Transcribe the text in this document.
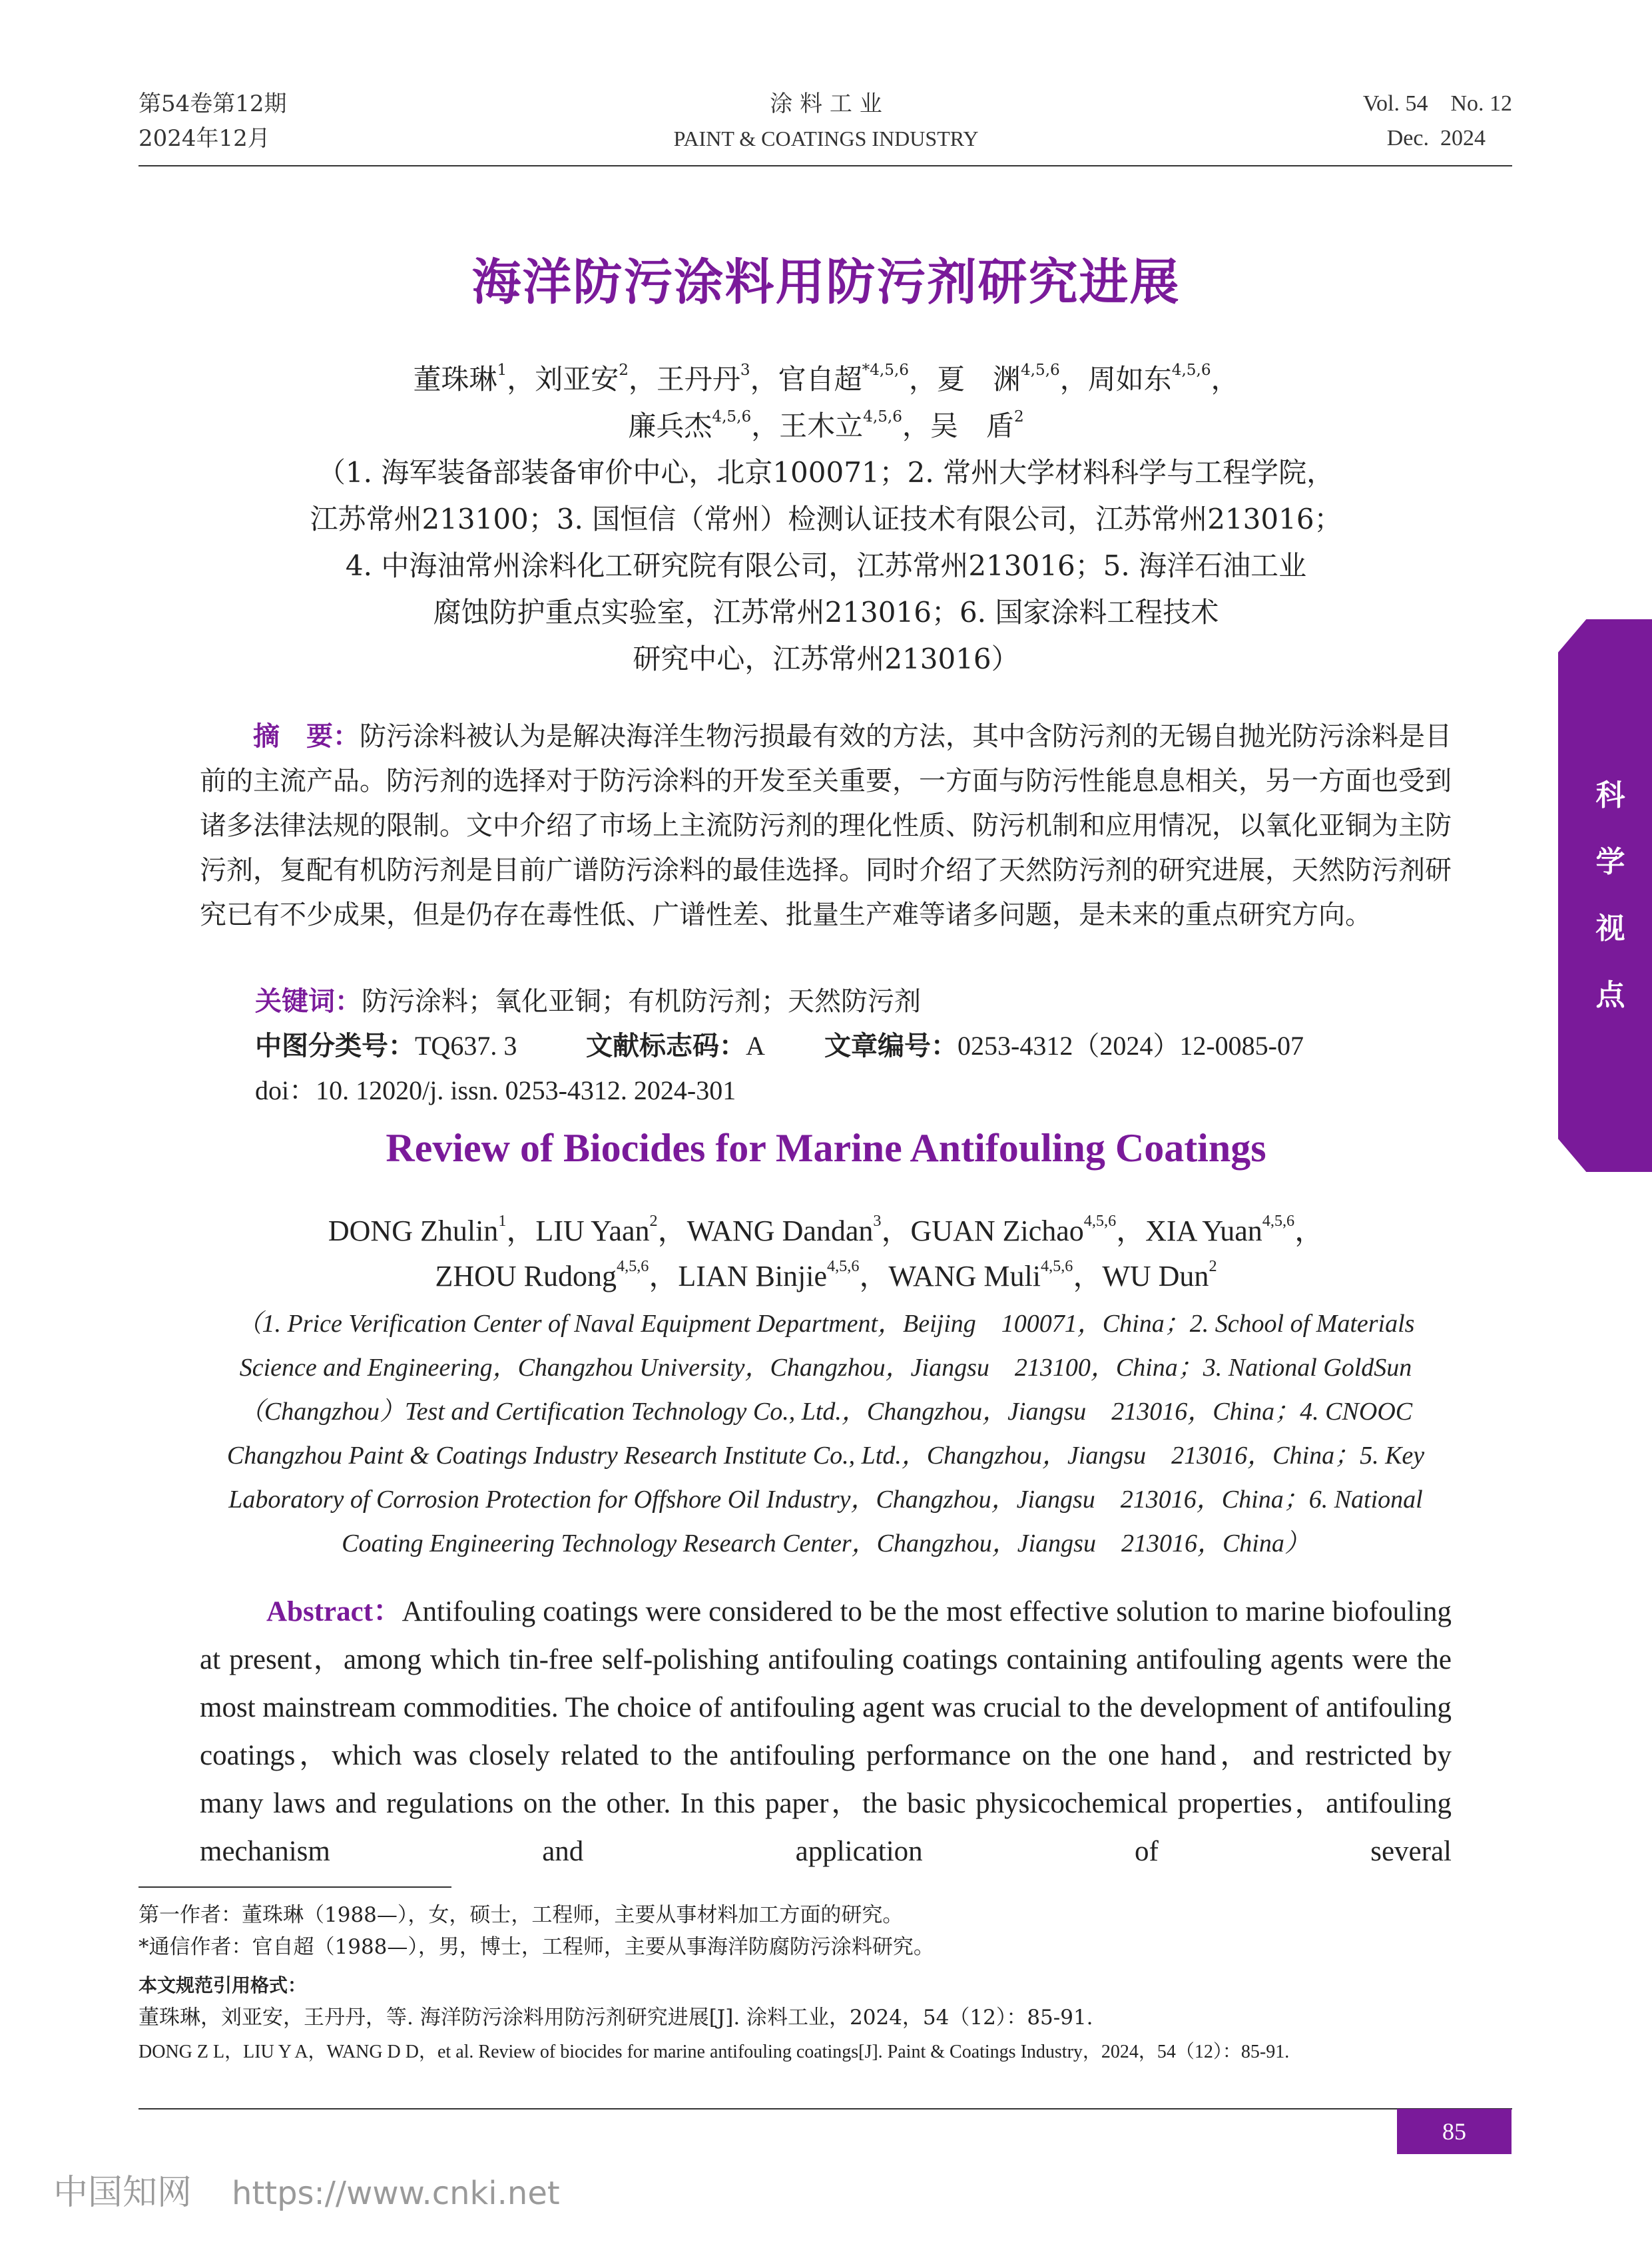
第54卷第12期
2024年12月
涂 料 工 业
PAINT & COATINGS INDUSTRY
Vol. 54    No. 12
Dec.  2024
海洋防污涂料用防污剂研究进展
董珠琳$^1$，刘亚安$^2$，王丹丹$^3$，官自超$^{*4,5,6}$，夏　渊$^{4,5,6}$，周如东$^{4,5,6}$，
廉兵杰$^{4,5,6}$，王木立$^{4,5,6}$，吴　盾$^2$
（1. 海军装备部装备审价中心，北京100071；2. 常州大学材料科学与工程学院，
江苏常州213100；3. 国恒信（常州）检测认证技术有限公司，江苏常州213016；
4. 中海油常州涂料化工研究院有限公司，江苏常州213016；5. 海洋石油工业
腐蚀防护重点实验室，江苏常州213016；6. 国家涂料工程技术
研究中心，江苏常州213016）
科
学
视
点
摘　要：防污涂料被认为是解决海洋生物污损最有效的方法，其中含防污剂的无锡自抛光防污涂料是目前的主流产品。防污剂的选择对于防污涂料的开发至关重要，一方面与防污性能息息相关，另一方面也受到诸多法律法规的限制。文中介绍了市场上主流防污剂的理化性质、防污机制和应用情况，以氧化亚铜为主防污剂，复配有机防污剂是目前广谱防污涂料的最佳选择。同时介绍了天然防污剂的研究进展，天然防污剂研究已有不少成果，但是仍存在毒性低、广谱性差、批量生产难等诸多问题，是未来的重点研究方向。
关键词：防污涂料；氧化亚铜；有机防污剂；天然防污剂
中图分类号：TQ637. 3	文献标志码：A 文章编号：0253-4312（2024）12-0085-07
doi：10. 12020/j. issn. 0253-4312. 2024-301
Review of Biocides for Marine Antifouling Coatings
DONG Zhulin$^1$，LIU Yaan$^2$，WANG Dandan$^3$，GUAN Zichao$^{4,5,6}$，XIA Yuan$^{4,5,6}$，
ZHOU Rudong$^{4,5,6}$，LIAN Binjie$^{4,5,6}$，WANG Muli$^{4,5,6}$，WU Dun$^2$
（1. Price Verification Center of Naval Equipment Department，Beijing　100071，China；2. School of Materials Science and Engineering，Changzhou University，Changzhou，Jiangsu　213100，China；3. National GoldSun（Changzhou）Test and Certification Technology Co., Ltd.，Changzhou，Jiangsu　213016，China；4. CNOOC Changzhou Paint & Coatings Industry Research Institute Co., Ltd.，Changzhou，Jiangsu　213016，China；5. Key Laboratory of Corrosion Protection for Offshore Oil Industry，Changzhou，Jiangsu　213016，China；6. National Coating Engineering Technology Research Center，Changzhou，Jiangsu　213016，China）
Abstract：Antifouling coatings were considered to be the most effective solution to marine biofouling at present，among which tin-free self-polishing antifouling coatings containing antifouling agents were the most mainstream commodities. The choice of antifouling agent was crucial to the development of antifouling coatings，which was closely related to the antifouling performance on the one hand，and restricted by many laws and regulations on the other. In this paper，the basic physicochemical properties，antifouling mechanism and application of several
第一作者：董珠琳（1988—），女，硕士，工程师，主要从事材料加工方面的研究。
*通信作者：官自超（1988—），男，博士，工程师，主要从事海洋防腐防污涂料研究。
本文规范引用格式：
董珠琳，刘亚安，王丹丹，等. 海洋防污涂料用防污剂研究进展[J]. 涂料工业，2024，54（12）：85-91.
DONG Z L，LIU Y A，WANG D D，et al. Review of biocides for marine antifouling coatings[J]. Paint & Coatings Industry，2024，54（12）：85-91.
85
中国知网 https://www.cnki.net
